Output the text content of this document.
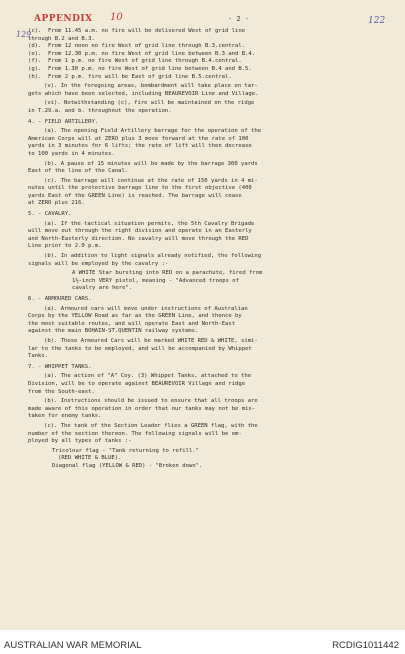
APPENDIX 10
129
122
- 2 -
(c).	From 11.45 a.m. no fire will be delivered West of grid line
through B.2 and B.3.
(d).	From 12 noon no fire West of grid line through B.3.central.
(e).	From 12.30 p.m. no fire West of grid line between B.3 and B.4.
(f).	From 1 p.m. no fire West of grid line through B.4.central.
(g).	From 1.30 p.m. no fire West of grid line between B.4 and B.5.
(h).	From 2 p.m. fire will be East of grid line B.5.central.
(v). In the foregoing areas, bombardment will take place on tar-
gets which have been selected, including BEAUREVOIR Line and Village.
(vi). Notwithstanding (c), fire will be maintained on the ridge
in T.29.a. and b. throughout the operation.
4. - FIELD ARTILLERY.
(a). The opening Field Artillery barrage for the operation of the
American Corps will at ZERO plus 3 move forward at the rate of 100
yards in 3 minutes for 6 lifts; the rate of lift will then decrease
to 100 yards in 4 minutes.
(b). A pause of 15 minutes will be made by the barrage 300 yards
East of the line of the Canal.
(c). The barrage will continue at the rate of 150 yards in 4 mi-
nutes until the protective barrage line to the first objective (400
yards East of the GREEN Line) is reached. The barrage will cease
at ZERO plus 216.
5. - CAVALRY.
(a). If the tactical situation permits, the 5th Cavalry Brigade
will move out through the right division and operate in an Easterly
and North-Easterly direction. No cavalry will move through the RED
Line prior to 2.0 p.m.
(b). In addition to light signals already notified, the following
signals will be employed by the cavalry :-
A WHITE Star bursting into RED on a parachute, fired from
1½-inch VERY pistol, meaning - "Advanced troops of
cavalry are here".
6. - ARMOURED CARS.
(a). Armoured cars will move under instructions of Australian
Corps by the YELLOW Road as far as the GREEN Line, and thence by
the most suitable routes, and will operate East and North-East
against the main BOHAIN-ST.QUENTIN railway systems.
(b). These Armoured Cars will be marked WHITE RED & WHITE, simi-
lar to the tanks to be employed, and will be accompanied by Whippet
Tanks.
7. - WHIPPET TANKS.
(a). The action of "A" Coy. (3) Whippet Tanks, attached to the
Division, will be to operate against BEAUREVOIR Village and ridge
from the South-east.
(b). Instructions should be issued to ensure that all troops are
made aware of this operation in order that our tanks may not be mis-
taken for enemy tanks.
(c). The tank of the Section Leader flies a GREEN flag, with the
number of the section thereon. The following signals will be em-
ployed by all types of tanks :-
Tricolour flag - "Tank returning to refill."
(RED WHITE & BLUE).
Diagonal flag (YELLOW & RED) - "Broken down".
AUSTRALIAN WAR MEMORIAL	RCDIG1011442
